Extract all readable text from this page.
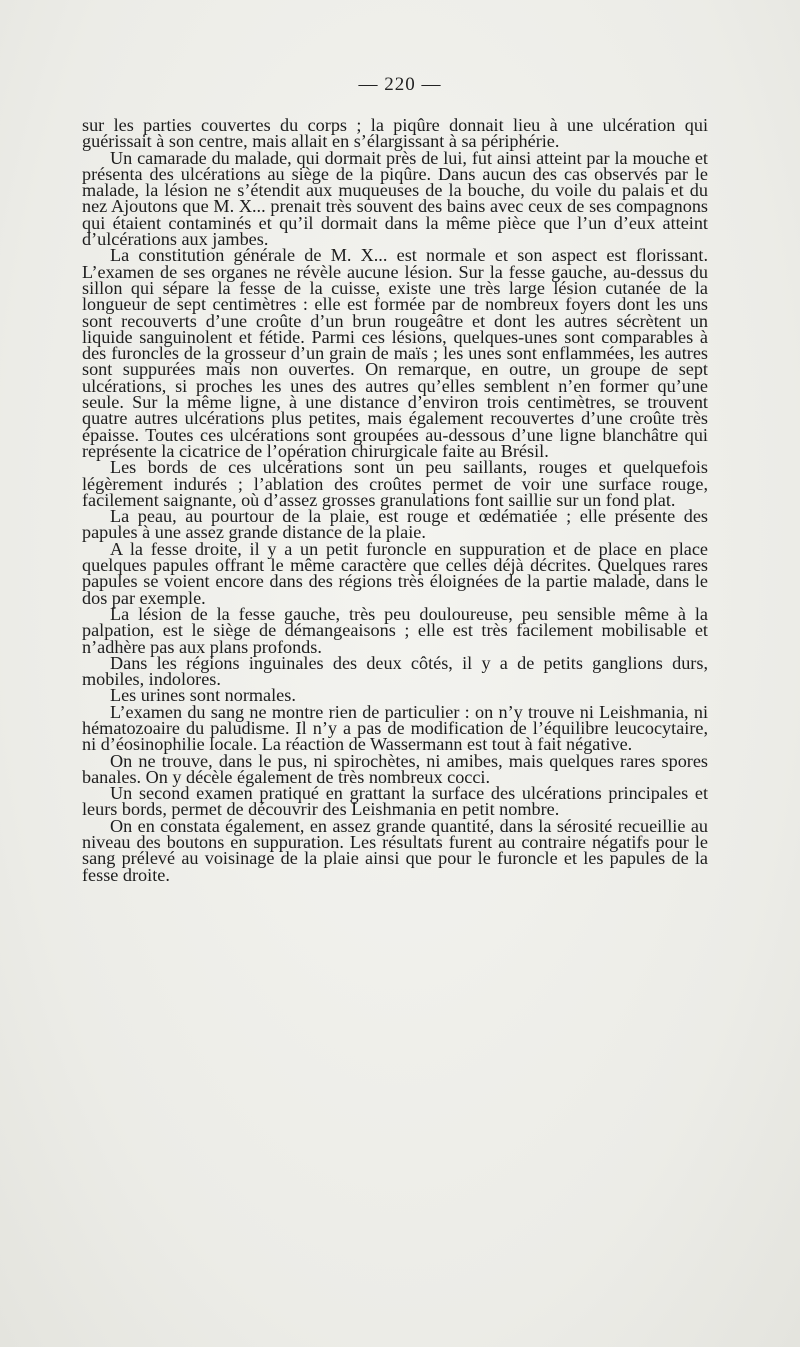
— 220 —

sur les parties couvertes du corps ; la piqûre donnait lieu à une ulcération qui guérissait à son centre, mais allait en s’élargissant à sa périphérie.

Un camarade du malade, qui dormait près de lui, fut ainsi atteint par la mouche et présenta des ulcérations au siège de la piqûre. Dans aucun des cas observés par le malade, la lésion ne s’étendit aux muqueuses de la bouche, du voile du palais et du nez Ajoutons que M. X... prenait très souvent des bains avec ceux de ses compagnons qui étaient contaminés et qu’il dormait dans la même pièce que l’un d’eux atteint d’ulcérations aux jambes.

La constitution générale de M. X... est normale et son aspect est florissant. L’examen de ses organes ne révèle aucune lésion. Sur la fesse gauche, au-dessus du sillon qui sépare la fesse de la cuisse, existe une très large lésion cutanée de la longueur de sept centimètres : elle est formée par de nombreux foyers dont les uns sont recouverts d’une croûte d’un brun rougeâtre et dont les autres sécrètent un liquide sanguinolent et fétide. Parmi ces lésions, quelques-unes sont comparables à des furoncles de la grosseur d’un grain de maïs ; les unes sont enflammées, les autres sont suppurées mais non ouvertes. On remarque, en outre, un groupe de sept ulcérations, si proches les unes des autres qu’elles semblent n’en former qu’une seule. Sur la même ligne, à une distance d’environ trois centimètres, se trouvent quatre autres ulcérations plus petites, mais également recouvertes d’une croûte très épaisse. Toutes ces ulcérations sont groupées au-dessous d’une ligne blanchâtre qui représente la cicatrice de l’opération chirurgicale faite au Brésil.

Les bords de ces ulcérations sont un peu saillants, rouges et quelquefois légèrement indurés ; l’ablation des croûtes permet de voir une surface rouge, facilement saignante, où d’assez grosses granulations font saillie sur un fond plat.

La peau, au pourtour de la plaie, est rouge et œdématiée ; elle présente des papules à une assez grande distance de la plaie.

A la fesse droite, il y a un petit furoncle en suppuration et de place en place quelques papules offrant le même caractère que celles déjà décrites. Quelques rares papules se voient encore dans des régions très éloignées de la partie malade, dans le dos par exemple.

La lésion de la fesse gauche, très peu douloureuse, peu sensible même à la palpation, est le siège de démangeaisons ; elle est très facilement mobilisable et n’adhère pas aux plans profonds.

Dans les régions inguinales des deux côtés, il y a de petits ganglions durs, mobiles, indolores.

Les urines sont normales.

L’examen du sang ne montre rien de particulier : on n’y trouve ni Leishmania, ni hématozoaire du paludisme. Il n’y a pas de modification de l’équilibre leucocytaire, ni d’éosinophilie locale. La réaction de Wassermann est tout à fait négative.

On ne trouve, dans le pus, ni spirochètes, ni amibes, mais quelques rares spores banales. On y décèle également de très nombreux cocci.

Un second examen pratiqué en grattant la surface des ulcérations principales et leurs bords, permet de découvrir des Leishmania en petit nombre.

On en constata également, en assez grande quantité, dans la sérosité recueillie au niveau des boutons en suppuration. Les résultats furent au contraire négatifs pour le sang prélevé au voisinage de la plaie ainsi que pour le furoncle et les papules de la fesse droite.
